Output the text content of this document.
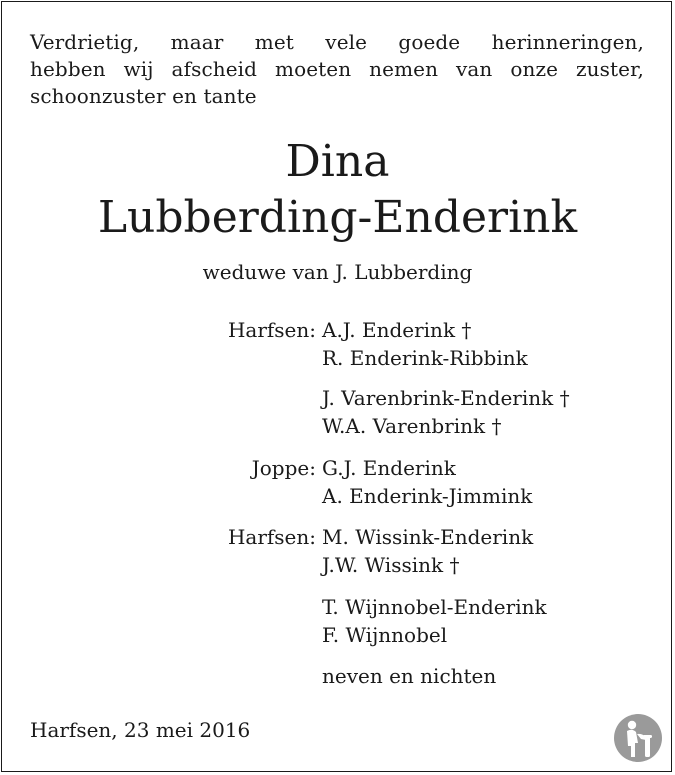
Verdrietig, maar met vele goede herinneringen,
hebben wij afscheid moeten nemen van onze zuster,
schoonzuster en tante
Dina
Lubberding-Enderink
weduwe van J. Lubberding
Harfsen: A.J. Enderink †
R. Enderink-Ribbink
J. Varenbrink-Enderink †
W.A. Varenbrink †
Joppe: G.J. Enderink
A. Enderink-Jimmink
Harfsen: M. Wissink-Enderink
J.W. Wissink †
T. Wijnnobel-Enderink
F. Wijnnobel
neven en nichten
Harfsen, 23 mei 2016
